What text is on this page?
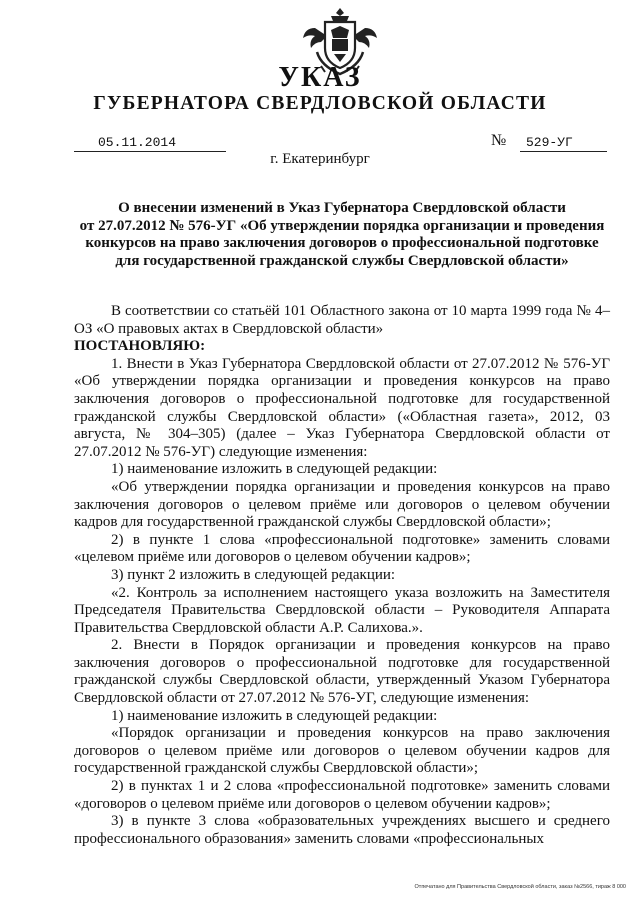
УКАЗ
ГУБЕРНАТОРА СВЕРДЛОВСКОЙ ОБЛАСТИ
05.11.2014	№	529-УГ
г. Екатеринбург
О внесении изменений в Указ Губернатора Свердловской области
от 27.07.2012 № 576-УГ «Об утверждении порядка организации и проведения
конкурсов на право заключения договоров о профессиональной подготовке
для государственной гражданской службы Свердловской области»

В соответствии со статьёй 101 Областного закона от 10 марта 1999 года № 4–ОЗ «О правовых актах в Свердловской области»

ПОСТАНОВЛЯЮ:

1. Внести в Указ Губернатора Свердловской области от 27.07.2012 № 576-УГ «Об утверждении порядка организации и проведения конкурсов на право заключения договоров о профессиональной подготовке для государственной гражданской службы Свердловской области» («Областная газета», 2012, 03 августа, № 304–305) (далее – Указ Губернатора Свердловской области от 27.07.2012 № 576-УГ) следующие изменения:

1) наименование изложить в следующей редакции:

«Об утверждении порядка организации и проведения конкурсов на право заключения договоров о целевом приёме или договоров о целевом обучении кадров для государственной гражданской службы Свердловской области»;

2) в пункте 1 слова «профессиональной подготовке» заменить словами «целевом приёме или договоров о целевом обучении кадров»;

3) пункт 2 изложить в следующей редакции:

«2. Контроль за исполнением настоящего указа возложить на Заместителя Председателя Правительства Свердловской области – Руководителя Аппарата Правительства Свердловской области А.Р. Салихова.».

2. Внести в Порядок организации и проведения конкурсов на право заключения договоров о профессиональной подготовке для государственной гражданской службы Свердловской области, утвержденный Указом Губернатора Свердловской области от 27.07.2012 № 576-УГ, следующие изменения:

1) наименование изложить в следующей редакции:

«Порядок организации и проведения конкурсов на право заключения договоров о целевом приёме или договоров о целевом обучении кадров для государственной гражданской службы Свердловской области»;

2) в пунктах 1 и 2 слова «профессиональной подготовке» заменить словами «договоров о целевом приёме или договоров о целевом обучении кадров»;

3) в пункте 3 слова «образовательных учреждениях высшего и среднего профессионального образования» заменить словами «профессиональных

Отпечатано для Правительства Свердловской области, заказ №2566, тираж 8 000
